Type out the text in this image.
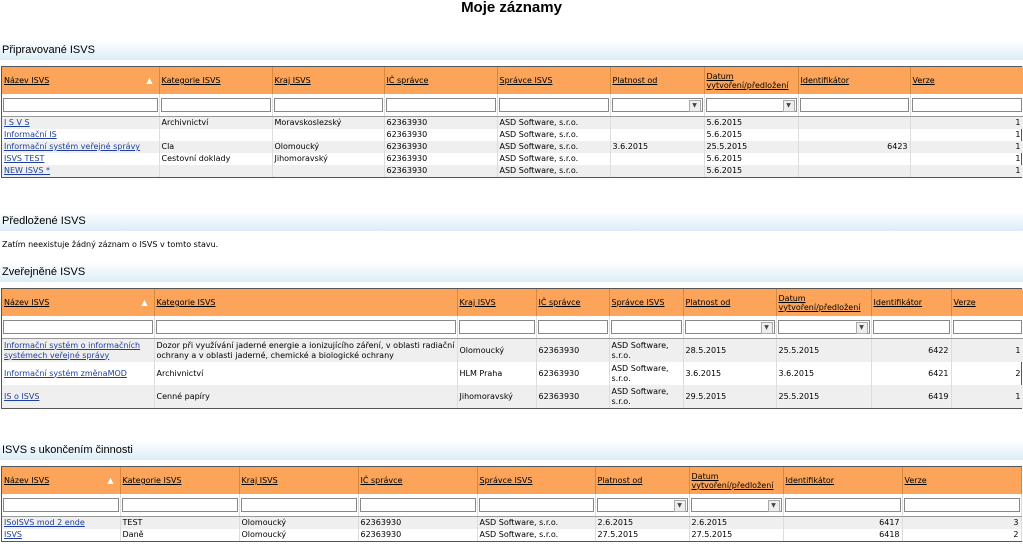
Moje záznamy
Připravované ISVS
Název ISVS ▲	Kategorie ISVS	Kraj ISVS	IČ správce	Správce ISVS	Platnost od	Datum vytvoření/předložení	Identifikátor	Verze

▼	▼

I S V S	Archivnictví	Moravskoslezský	62363930	ASD Software, s.r.o.		5.6.2015		1
Informační IS			62363930	ASD Software, s.r.o.		5.6.2015		1
Informační systém veřejné správy	Cla	Olomoucký	62363930	ASD Software, s.r.o.	3.6.2015	25.5.2015	6423	1
ISVS TEST	Cestovní doklady	Jihomoravský	62363930	ASD Software, s.r.o.		5.6.2015		1
NEW ISVS *			62363930	ASD Software, s.r.o.		5.6.2015		1
Předložené ISVS
Zatím neexistuje žádný záznam o ISVS v tomto stavu.
Zveřejněné ISVS
Název ISVS ▲	Kategorie ISVS	Kraj ISVS	IČ správce	Správce ISVS	Platnost od	Datum vytvoření/předložení	Identifikátor	Verze

▼	▼

Informační systém o informačních systémech veřejné správy	Dozor při využívání jaderné energie a ionizujícího záření, v oblasti radiační ochrany a v oblasti jaderné, chemické a biologické ochrany	Olomoucký	62363930	ASD Software, s.r.o.	28.5.2015	25.5.2015	6422	1
Informační systém změnaMOD	Archivnictví	HLM Praha	62363930	ASD Software, s.r.o.	3.6.2015	3.6.2015	6421	2
IS o ISVS	Cenné papíry	Jihomoravský	62363930	ASD Software, s.r.o.	29.5.2015	25.5.2015	6419	1
ISVS s ukončením činnosti
Název ISVS ▲	Kategorie ISVS	Kraj ISVS	IČ správce	Správce ISVS	Platnost od	Datum vytvoření/předložení	Identifikátor	Verze

▼	▼

ISoISVS mod 2 ende	TEST	Olomoucký	62363930	ASD Software, s.r.o.	2.6.2015	2.6.2015	6417	3
ISVS	Daně	Olomoucký	62363930	ASD Software, s.r.o.	27.5.2015	27.5.2015	6418	2
